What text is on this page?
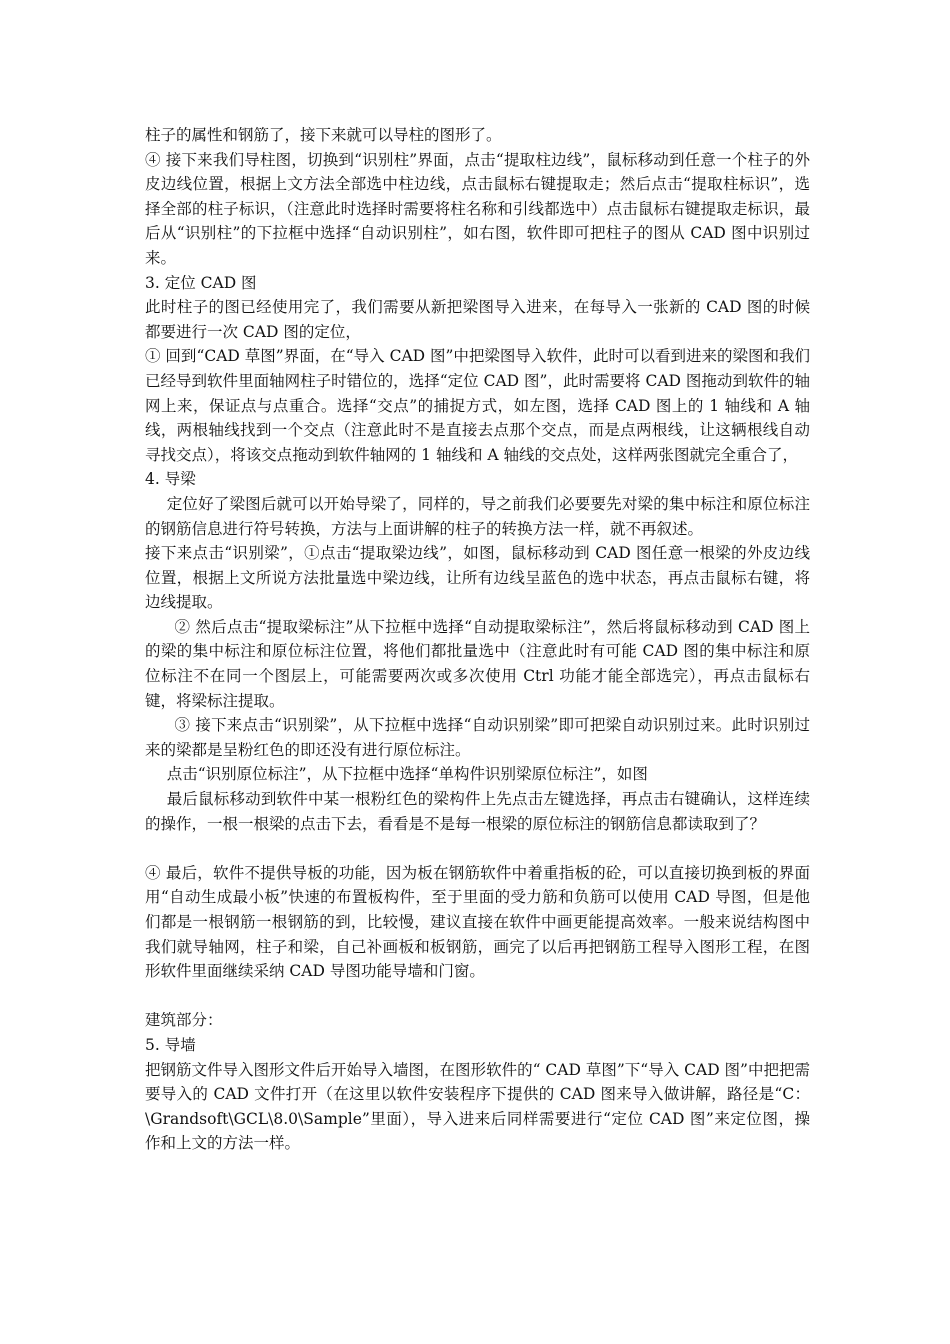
柱子的属性和钢筋了，接下来就可以导柱的图形了。

④ 接下来我们导柱图，切换到“识别柱”界面，点击“提取柱边线”，鼠标移动到任意一个柱子的外皮边线位置，根据上文方法全部选中柱边线，点击鼠标右键提取走；然后点击“提取柱标识”，选择全部的柱子标识，（注意此时选择时需要将柱名称和引线都选中）点击鼠标右键提取走标识，最后从“识别柱”的下拉框中选择“自动识别柱”，如右图，软件即可把柱子的图从 CAD 图中识别过来。

3. 定位 CAD 图

此时柱子的图已经使用完了，我们需要从新把梁图导入进来，在每导入一张新的 CAD 图的时候都要进行一次 CAD 图的定位，

① 回到“CAD 草图”界面，在“导入 CAD 图”中把梁图导入软件，此时可以看到进来的梁图和我们已经导到软件里面轴网柱子时错位的，选择“定位 CAD 图”，此时需要将 CAD 图拖动到软件的轴网上来，保证点与点重合。选择“交点”的捕捉方式，如左图，选择 CAD 图上的 1 轴线和 A 轴线，两根轴线找到一个交点（注意此时不是直接去点那个交点，而是点两根线，让这辆根线自动寻找交点），将该交点拖动到软件轴网的 1 轴线和 A 轴线的交点处，这样两张图就完全重合了，

4. 导梁

定位好了梁图后就可以开始导梁了，同样的，导之前我们必要要先对梁的集中标注和原位标注的钢筋信息进行符号转换，方法与上面讲解的柱子的转换方法一样，就不再叙述。

接下来点击“识别梁”，①点击“提取梁边线”，如图，鼠标移动到 CAD 图任意一根梁的外皮边线位置，根据上文所说方法批量选中梁边线，让所有边线呈蓝色的选中状态，再点击鼠标右键，将边线提取。

② 然后点击“提取梁标注”从下拉框中选择“自动提取梁标注”，然后将鼠标移动到 CAD 图上的梁的集中标注和原位标注位置，将他们都批量选中（注意此时有可能 CAD 图的集中标注和原位标注不在同一个图层上，可能需要两次或多次使用 Ctrl 功能才能全部选完），再点击鼠标右键，将梁标注提取。

③ 接下来点击“识别梁”，从下拉框中选择“自动识别梁”即可把梁自动识别过来。此时识别过来的梁都是呈粉红色的即还没有进行原位标注。

点击“识别原位标注”，从下拉框中选择“单构件识别梁原位标注”，如图

最后鼠标移动到软件中某一根粉红色的梁构件上先点击左键选择，再点击右键确认，这样连续的操作，一根一根梁的点击下去，看看是不是每一根梁的原位标注的钢筋信息都读取到了？

④ 最后，软件不提供导板的功能，因为板在钢筋软件中着重指板的砼，可以直接切换到板的界面用“自动生成最小板”快速的布置板构件，至于里面的受力筋和负筋可以使用 CAD 导图，但是他们都是一根钢筋一根钢筋的到，比较慢，建议直接在软件中画更能提高效率。一般来说结构图中我们就导轴网，柱子和梁，自己补画板和板钢筋，画完了以后再把钢筋工程导入图形工程，在图形软件里面继续采纳 CAD 导图功能导墙和门窗。

建筑部分：

5. 导墙

把钢筋文件导入图形文件后开始导入墙图，在图形软件的“ CAD 草图”下“导入 CAD 图”中把把需要导入的 CAD 文件打开（在这里以软件安装程序下提供的 CAD 图来导入做讲解，路径是“C：\Grandsoft\GCL\8.0\Sample”里面），导入进来后同样需要进行“定位 CAD 图”来定位图，操作和上文的方法一样。
